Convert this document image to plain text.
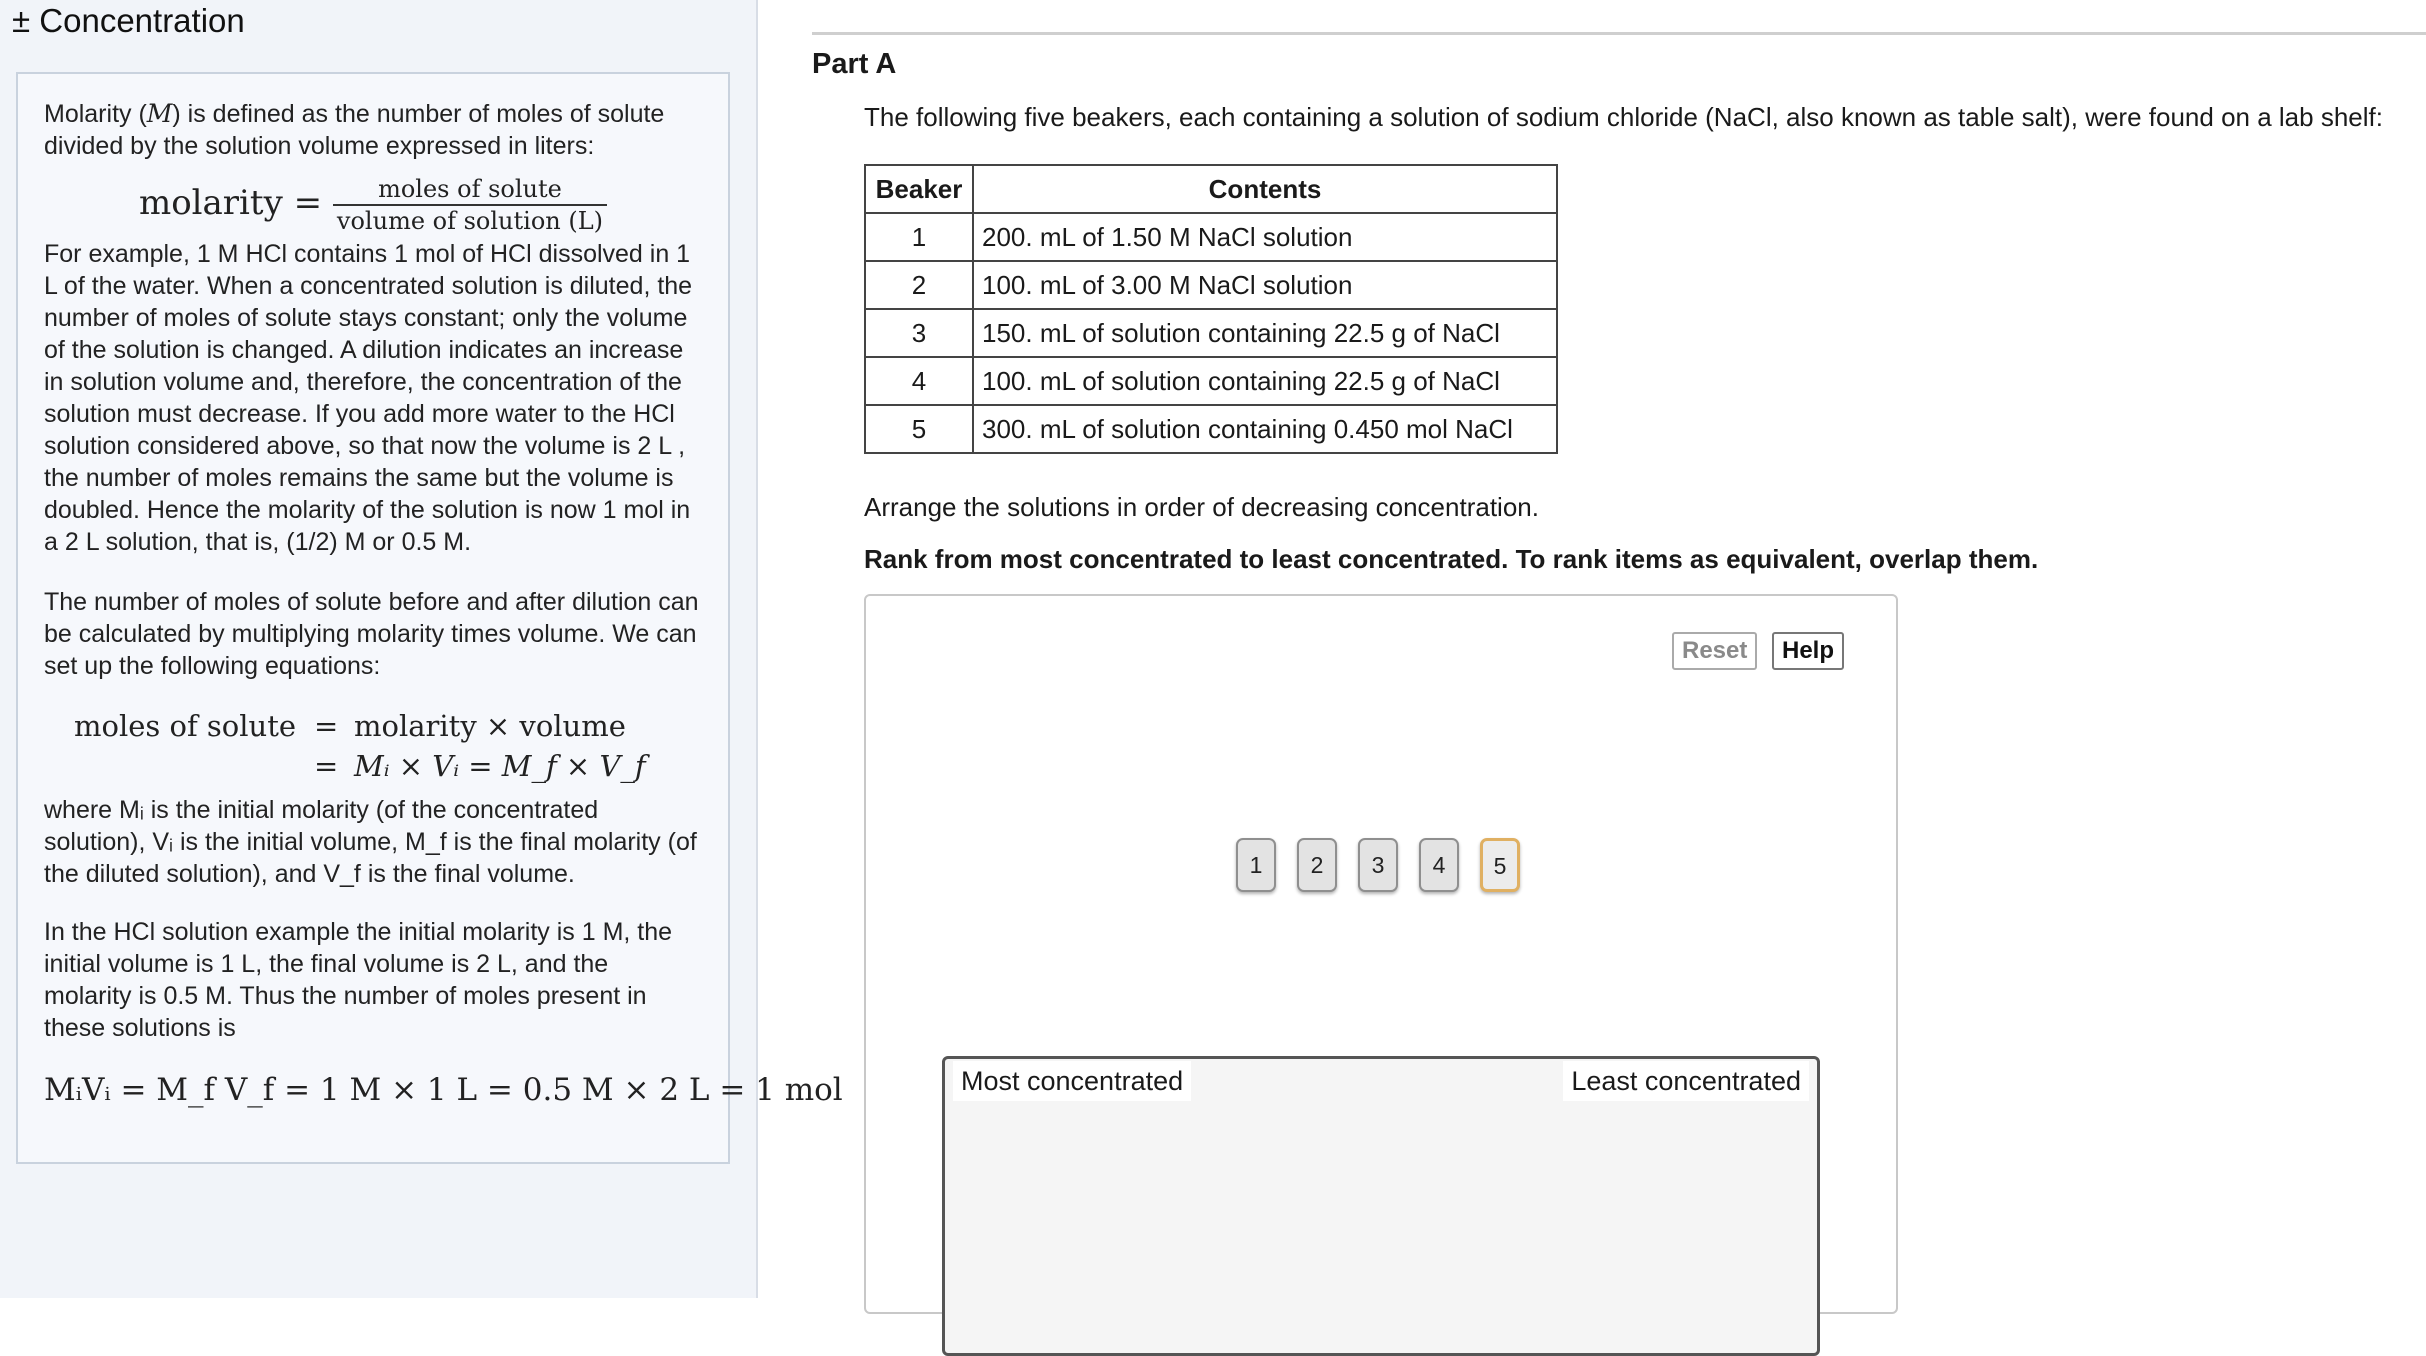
± Concentration

Molarity (M) is defined as the number of moles of solute divided by the solution volume expressed in liters:

molarity = $\frac{\text{moles of solute}}{\text{volume of solution (L)}}$

For example, 1 M HCl contains 1 mol of HCl dissolved in 1 L of the water. When a concentrated solution is diluted, the number of moles of solute stays constant; only the volume of the solution is changed. A dilution indicates an increase in solution volume and, therefore, the concentration of the solution must decrease. If you add more water to the HCl solution considered above, so that now the volume is 2 L , the number of moles remains the same but the volume is doubled. Hence the molarity of the solution is now 1 mol in a 2 L solution, that is, (1/2) M or 0.5 M.

The number of moles of solute before and after dilution can be calculated by multiplying molarity times volume. We can set up the following equations:

moles of solute = molarity × volume
= Mᵢ × Vᵢ = M_f × V_f

where Mᵢ is the initial molarity (of the concentrated solution), Vᵢ is the initial volume, M_f is the final molarity (of the diluted solution), and V_f is the final volume.

In the HCl solution example the initial molarity is 1 M, the initial volume is 1 L, the final volume is 2 L, and the molarity is 0.5 M. Thus the number of moles present in these solutions is

MᵢVᵢ = M_f V_f = 1 M × 1 L = 0.5 M × 2 L = 1 mol
Part A
The following five beakers, each containing a solution of sodium chloride (NaCl, also known as table salt), were found on a lab shelf:
Beaker	Contents
1	200. mL of 1.50 M NaCl solution
2	100. mL of 3.00 M NaCl solution
3	150. mL of solution containing 22.5 g of NaCl
4	100. mL of solution containing 22.5 g of NaCl
5	300. mL of solution containing 0.450 mol NaCl
Arrange the solutions in order of decreasing concentration.
Rank from most concentrated to least concentrated. To rank items as equivalent, overlap them.
Reset	Help
1	2	3	4	5
Most concentrated	Least concentrated
